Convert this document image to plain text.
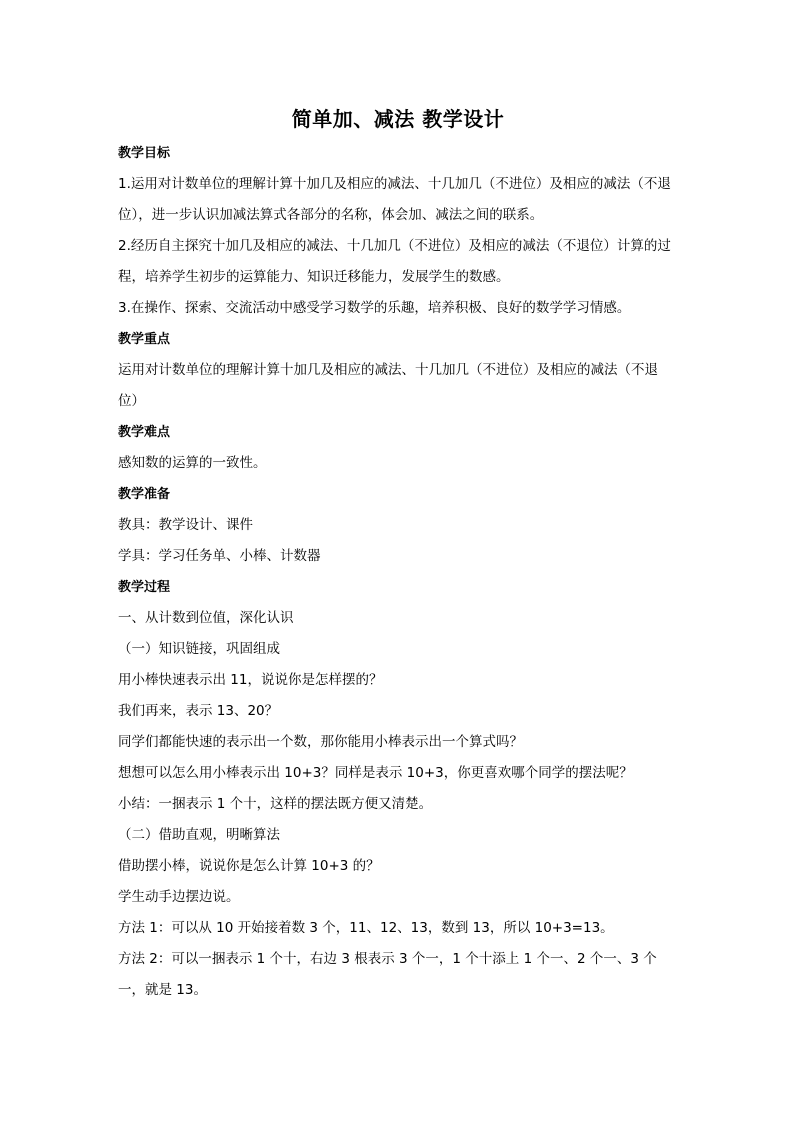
简单加、减法 教学设计
教学目标
1.运用对计数单位的理解计算十加几及相应的减法、十几加几（不进位）及相应的减法（不退位），进一步认识加减法算式各部分的名称，体会加、减法之间的联系。
2.经历自主探究十加几及相应的减法、十几加几（不进位）及相应的减法（不退位）计算的过程，培养学生初步的运算能力、知识迁移能力，发展学生的数感。
3.在操作、探索、交流活动中感受学习数学的乐趣，培养积极、良好的数学学习情感。
教学重点
运用对计数单位的理解计算十加几及相应的减法、十几加几（不进位）及相应的减法（不退位）
教学难点
感知数的运算的一致性。
教学准备
教具：教学设计、课件
学具：学习任务单、小棒、计数器
教学过程
一、从计数到位值，深化认识
（一）知识链接，巩固组成
用小棒快速表示出 11，说说你是怎样摆的？
我们再来，表示 13、20？
同学们都能快速的表示出一个数，那你能用小棒表示出一个算式吗？
想想可以怎么用小棒表示出 10+3？同样是表示 10+3，你更喜欢哪个同学的摆法呢？
小结：一捆表示 1 个十，这样的摆法既方便又清楚。
（二）借助直观，明晰算法
借助摆小棒，说说你是怎么计算 10+3 的？
学生动手边摆边说。
方法 1：可以从 10 开始接着数 3 个，11、12、13，数到 13，所以 10+3=13。
方法 2：可以一捆表示 1 个十，右边 3 根表示 3 个一，1 个十添上 1 个一、2 个一、3 个一，就是 13。
